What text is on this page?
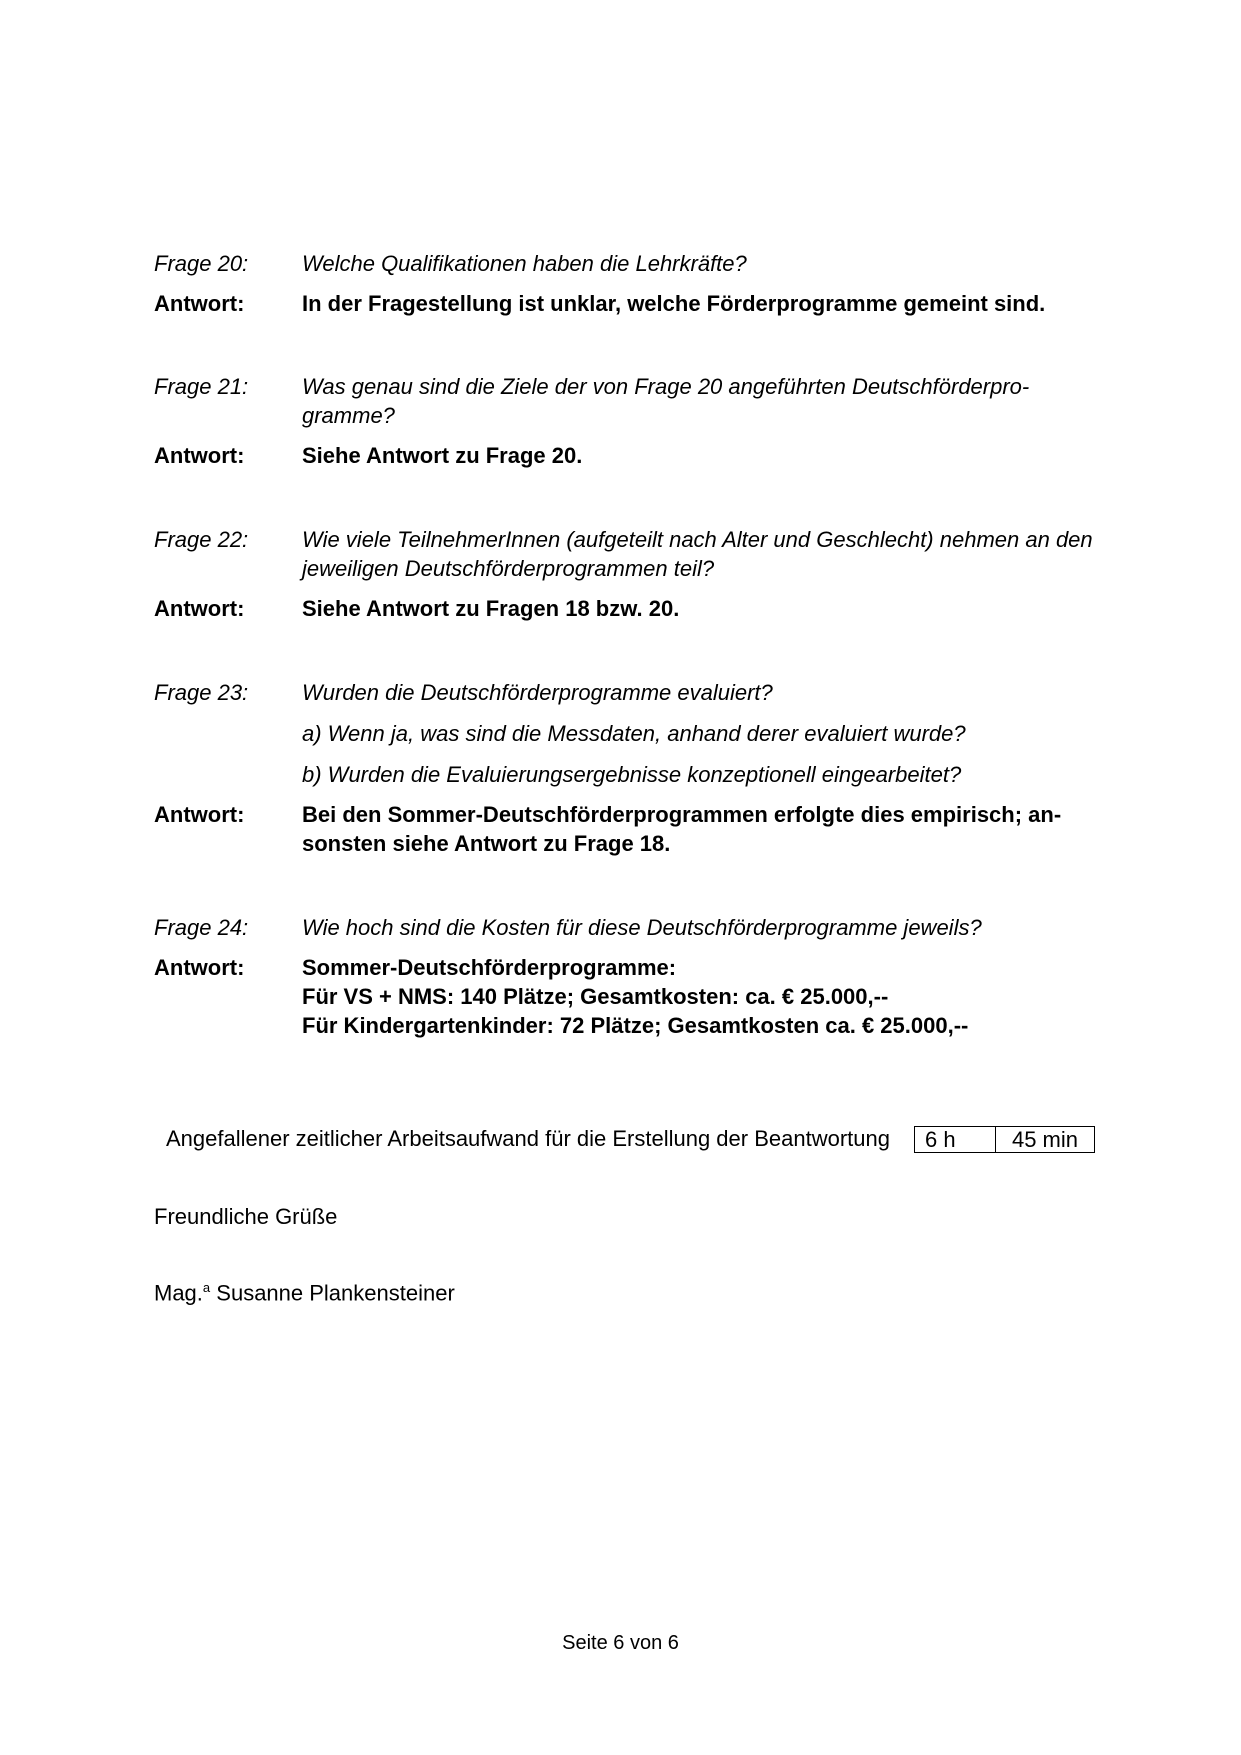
Frage 20:	Welche Qualifikationen haben die Lehrkräfte?
Antwort:	In der Fragestellung ist unklar, welche Förderprogramme gemeint sind.
Frage 21:	Was genau sind die Ziele der von Frage 20 angeführten Deutschförderpro-
gramme?
Antwort:	Siehe Antwort zu Frage 20.
Frage 22:	Wie viele TeilnehmerInnen (aufgeteilt nach Alter und Geschlecht) nehmen an den
jeweiligen Deutschförderprogrammen teil?
Antwort:	Siehe Antwort zu Fragen 18 bzw. 20.
Frage 23:	Wurden die Deutschförderprogramme evaluiert?
a) Wenn ja, was sind die Messdaten, anhand derer evaluiert wurde?
b) Wurden die Evaluierungsergebnisse konzeptionell eingearbeitet?
Antwort:	Bei den Sommer-Deutschförderprogrammen erfolgte dies empirisch; an-
sonsten siehe Antwort zu Frage 18.
Frage 24:	Wie hoch sind die Kosten für diese Deutschförderprogramme jeweils?
Antwort:	Sommer-Deutschförderprogramme:
Für VS + NMS: 140 Plätze; Gesamtkosten: ca. € 25.000,--
Für Kindergartenkinder: 72 Plätze; Gesamtkosten ca. € 25.000,--
Angefallener zeitlicher Arbeitsaufwand für die Erstellung der Beantwortung	6 h	45 min
Freundliche Grüße
Mag.$^a$ Susanne Plankensteiner
Seite 6 von 6
